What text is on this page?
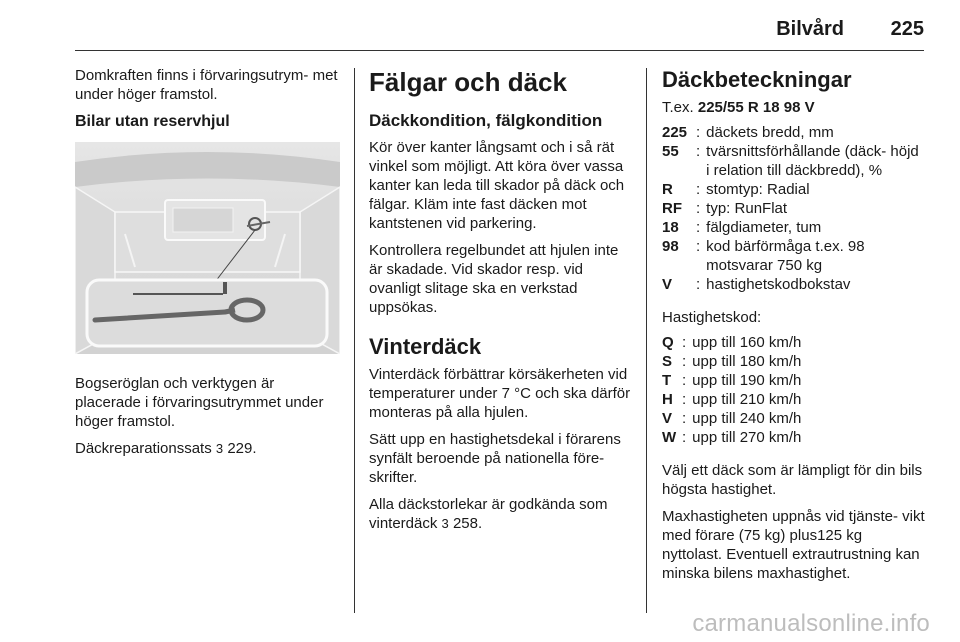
Bilvård 225

Domkraften finns i förvaringsutrym- met under höger framstol.

Bilar utan reservhjul

Bogseröglan och verktygen är placerade i förvaringsutrymmet under höger framstol.

Däckreparationssats 3 229.

Fälgar och däck
Däckkondition, fälgkondition

Kör över kanter långsamt och i så rät vinkel som möjligt. Att köra över vassa kanter kan leda till skador på däck och fälgar. Kläm inte fast däcken mot kantstenen vid parkering.

Kontrollera regelbundet att hjulen inte är skadade. Vid skador resp. vid ovanligt slitage ska en verkstad uppsökas.

Vinterdäck

Vinterdäck förbättrar körsäkerheten vid temperaturer under 7 °C och ska därför monteras på alla hjulen.

Sätt upp en hastighetsdekal i förarens synfält beroende på nationella före- skrifter.

Alla däckstorlekar är godkända som vinterdäck 3 258.

Däckbeteckningar

T.ex. 225/55 R 18 98 V

225	:	däckets bredd, mm
55	:	tvärsnittsförhållande (däck- höjd i relation till däckbredd), %
R	:	stomtyp: Radial
RF	:	typ: RunFlat
18	:	fälgdiameter, tum
98	:	kod bärförmåga t.ex. 98 motsvarar 750 kg
V	:	hastighetskodbokstav

Hastighetskod:

Q	:	upp till 160 km/h
S	:	upp till 180 km/h
T	:	upp till 190 km/h
H	:	upp till 210 km/h
V	:	upp till 240 km/h
W	:	upp till 270 km/h

Välj ett däck som är lämpligt för din bils högsta hastighet.

Maxhastigheten uppnås vid tjänste- vikt med förare (75 kg) plus125 kg nyttolast. Eventuell extrautrustning kan minska bilens maxhastighet.

carmanualsonline.info
